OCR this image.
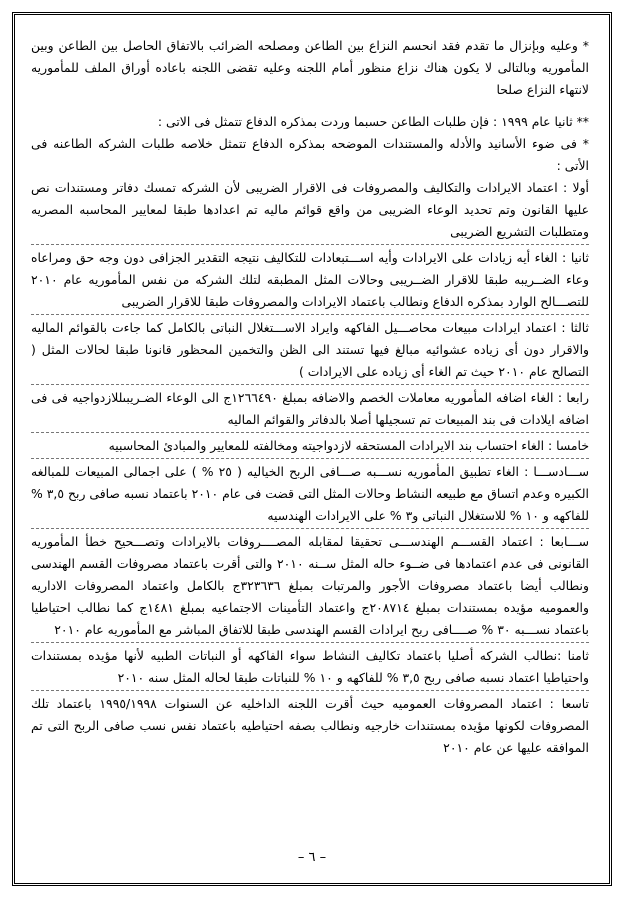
* وعليه وبإنزال ما تقدم فقد انحسم النزاع بين الطاعن ومصلحه الضرائب بالاتفاق الحاصل بين الطاعن وبين المأموريه وبالتالى لا يكون هناك نزاع منظور أمام اللجنه وعليه تقضى اللجنه باعاده أوراق الملف للمأموريه لانتهاء النزاع صلحا

** ثانيا عام ١٩٩٩ : فإن طلبات الطاعن حسبما وردت بمذكره الدفاع تتمثل فى الاتى :

* فى ضوء الأسانيد والأدله والمستندات الموضحه بمذكره الدفاع تتمثل خلاصه طلبات الشركه الطاعنه فى الأتى :

أولا : اعتماد الايرادات والتكاليف والمصروفات فى الاقرار الضريبى لأن الشركه تمسك دفاتر ومستندات نص عليها القانون وتم تحديد الوعاء الضريبى من واقع قوائم ماليه تم اعدادها طبقا لمعايير المحاسبه المصريه ومتطلبات التشريع الضريبى

ثانيا : الغاء أيه زيادات على الايرادات وأيه اســـتبعادات للتكاليف نتيجه التقدير الجزافى دون وجه حق ومراعاه وعاء الضــريبه طبقا للاقرار الضــريبى وحالات المثل المطبقه لتلك الشركه من نفس المأموريه عام ٢٠١٠ للتصـــالح الوارد بمذكره الدفاع ونطالب باعتماد الايرادات والمصروفات طبقا للاقرار الضريبى

ثالثا : اعتماد ايرادات مبيعات محاصـــيل الفاكهه وايراد الاســـتغلال النباتى بالكامل كما جاءت بالقوائم الماليه والاقرار دون أى زياده عشوائيه مبالغ فيها تستند الى الظن والتخمين المحظور قانونا طبقا لحالات المثل ( التصالح عام ٢٠١٠ حيث تم الغاء أى زياده على الايرادات )

رابعا : الغاء اضافه المأموريه معاملات الخصم والاضافه بمبلغ ١٢٦٦٤٩٠ج الى الوعاء الضـريبىللازدواجيه فى فى اضافه ايلادات فى بند المبيعات تم تسجيلها أصلا بالدفاتر والقوائم الماليه

خامسا : الغاء احتساب بند الايرادات المستحقه لازدواجيته ومخالفته للمعايير والمبادئ المحاسبيه

ســـادســـا : الغاء تطبيق المأموريه نســـبه صـــافى الربح الخياليه ( ٢٥ % ) على اجمالى المبيعات للمبالغه الكبيره وعدم اتساق مع طبيعه النشاط وحالات المثل التى قضت فى عام ٢٠١٠ باعتماد نسبه صافى ربح ٣,٥ % للفاكهه و ١٠ % للاستغلال النباتى و٣ % على الايرادات الهندسيه

ســـابعا : اعتماد القســـم الهندســـى تحقيقا لمقابله المصــــروفات بالايرادات وتصـــحيح خطأ المأموريه القانونى فى عدم اعتمادها فى ضــوء حاله المثل ســنه ٢٠١٠ والتى أقرت باعتماد مصروفات القسم الهندسى ونطالب أيضا باعتماد مصروفات الأجور والمرتبات بمبلغ ٣٢٣٦٣٦ج بالكامل واعتماد المصروفات الاداريه والعموميه مؤيده بمستندات بمبلغ ٢٠٨٧١٤ج واعتماد التأمينات الاجتماعيه بمبلغ ١٤٨١ج كما نطالب احتياطيا باعتماد نســـبه ٣٠ % صــــافى ربح ايرادات القسم الهندسى طبقا للاتفاق المباشر مع المأموريه عام ٢٠١٠

ثامنا :نطالب الشركه أصليا باعتماد تكاليف النشاط سواء الفاكهه أو النباتات الطبيه لأنها مؤيده بمستندات واحتياطيا اعتماد نسبه صافى ربح ٣,٥ % للفاكهه و ١٠ % للنباتات طبقا لحاله المثل سنه ٢٠١٠

تاسعا : اعتماد المصروفات العموميه حيث أقرت اللجنه الداخليه عن السنوات ١٩٩٥/١٩٩٨ باعتماد تلك المصروفات لكونها مؤيده بمستندات خارجيه ونطالب بصفه احتياطيه باعتماد نفس نسب صافى الربح التى تم الموافقه عليها عن عام ٢٠١٠

– ٦ –
